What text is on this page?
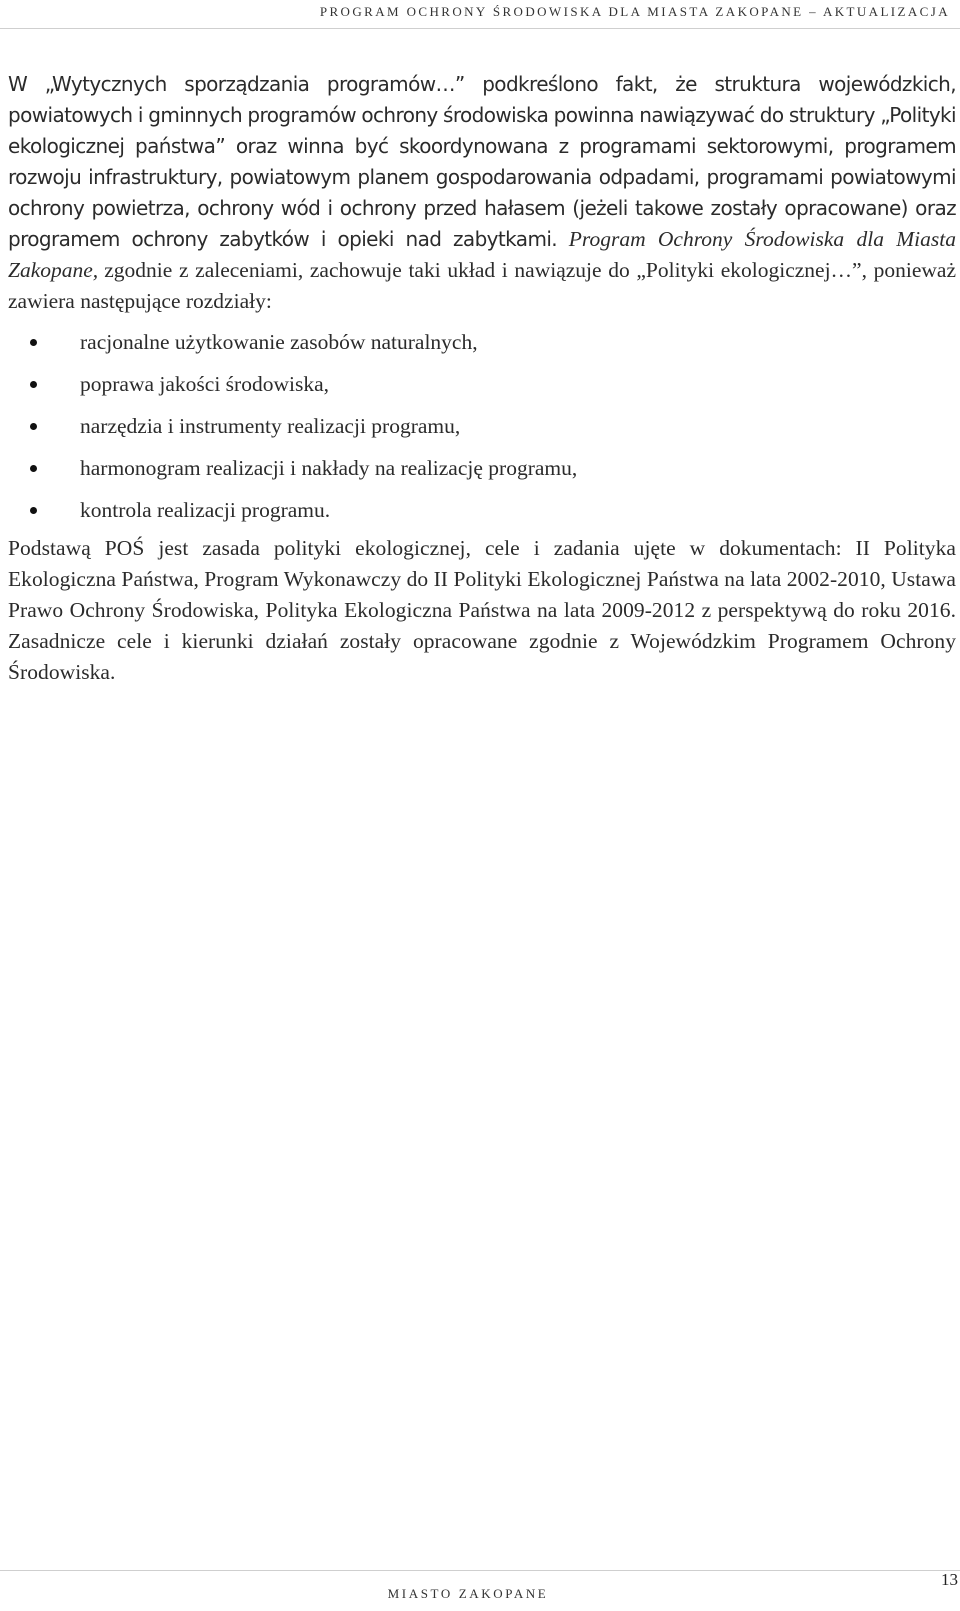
PROGRAM OCHRONY ŚRODOWISKA DLA MIASTA ZAKOPANE – AKTUALIZACJA

W „Wytycznych sporządzania programów…” podkreślono fakt, że struktura wojewódzkich, powiatowych i gminnych programów ochrony środowiska powinna nawiązywać do struktury „Polityki ekologicznej państwa” oraz winna być skoordynowana z programami sektorowymi, programem rozwoju infrastruktury, powiatowym planem gospodarowania odpadami, programami powiatowymi ochrony powietrza, ochrony wód i ochrony przed hałasem (jeżeli takowe zostały opracowane) oraz programem ochrony zabytków i opieki nad zabytkami. Program Ochrony Środowiska dla Miasta Zakopane, zgodnie z zaleceniami, zachowuje taki układ i nawiązuje do „Polityki ekologicznej…”, ponieważ zawiera następujące rozdziały:

racjonalne użytkowanie zasobów naturalnych,
poprawa jakości środowiska,
narzędzia i instrumenty realizacji programu,
harmonogram realizacji i nakłady na realizację programu,
kontrola realizacji programu.

Podstawą POŚ jest zasada polityki ekologicznej, cele i zadania ujęte w dokumentach: II Polityka Ekologiczna Państwa, Program Wykonawczy do II Polityki Ekologicznej Państwa na lata 2002-2010, Ustawa Prawo Ochrony Środowiska, Polityka Ekologiczna Państwa na lata 2009-2012 z perspektywą do roku 2016. Zasadnicze cele i kierunki działań zostały opracowane zgodnie z Wojewódzkim Programem Ochrony Środowiska.

MIASTO ZAKOPANE
13
